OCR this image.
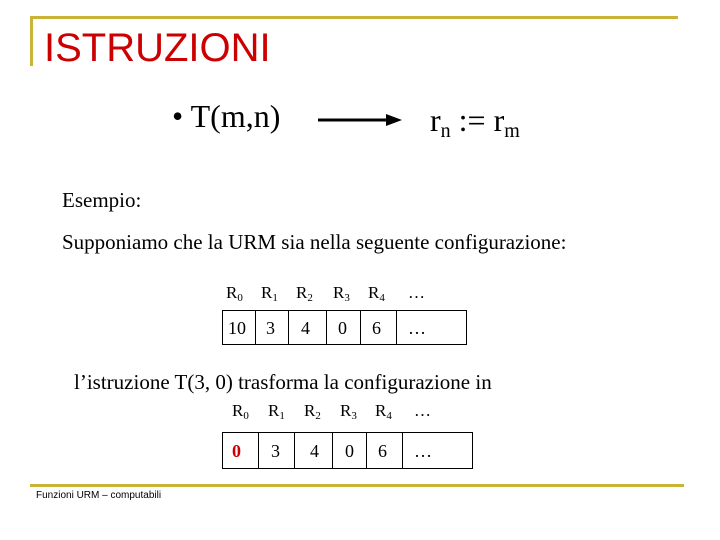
ISTRUZIONI
• T(m,n)	$r_n$ := $r_m$
Esempio:
Supponiamo che la URM sia nella seguente configurazione:
$R_0$ $R_1$ $R_2$ $R_3$ $R_4$ …
10 3 4 0 6 …
l’istruzione T(3, 0) trasforma la configurazione in
$R_0$ $R_1$ $R_2$ $R_3$ $R_4$ …
0 3 4 0 6 …
Funzioni URM – computabili
